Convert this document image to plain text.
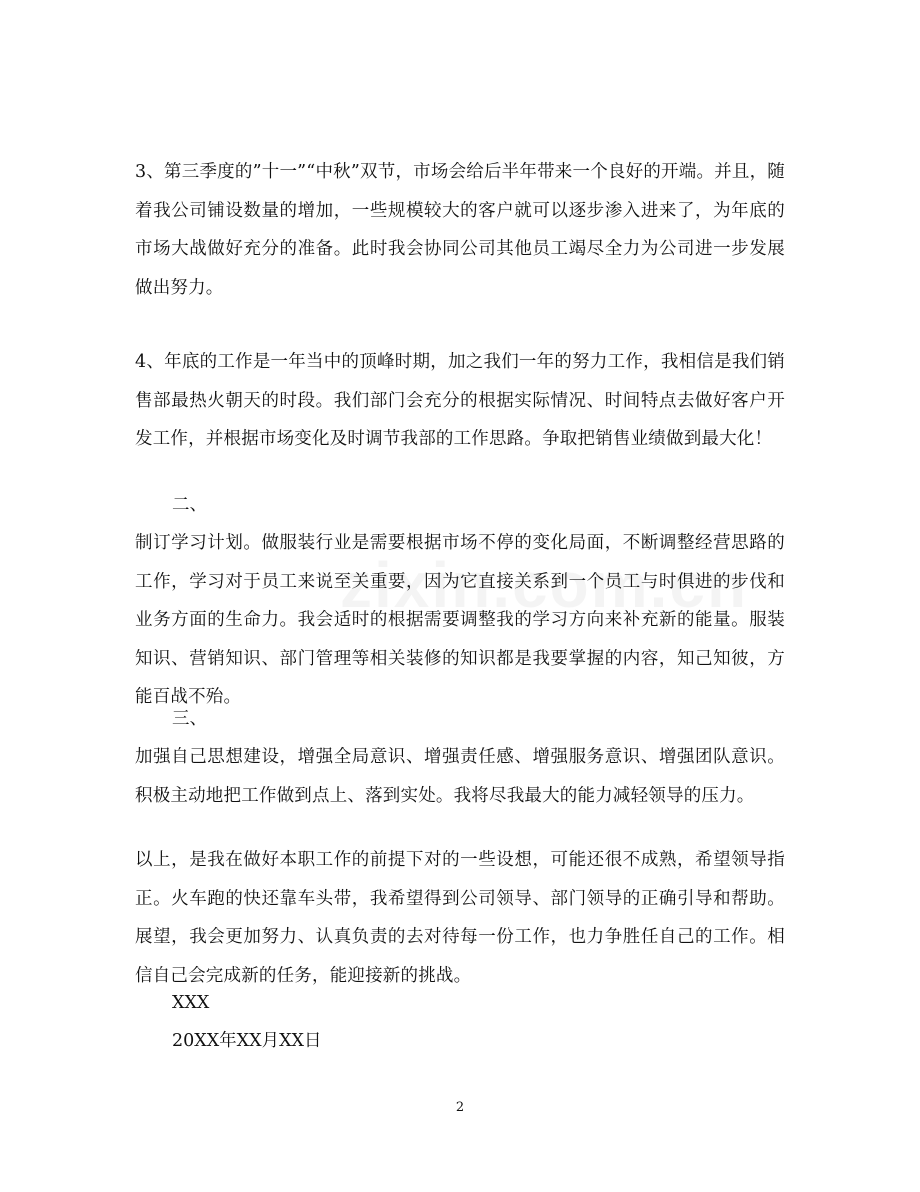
3、第三季度的”十一”“中秋”双节，市场会给后半年带来一个良好的开端。并且，随着我公司铺设数量的增加，一些规模较大的客户就可以逐步渗入进来了，为年底的市场大战做好充分的准备。此时我会协同公司其他员工竭尽全力为公司进一步发展做出努力。

4、年底的工作是一年当中的顶峰时期，加之我们一年的努力工作，我相信是我们销售部最热火朝天的时段。我们部门会充分的根据实际情况、时间特点去做好客户开发工作，并根据市场变化及时调节我部的工作思路。争取把销售业绩做到最大化！

二、

制订学习计划。做服装行业是需要根据市场不停的变化局面，不断调整经营思路的工作，学习对于员工来说至关重要，因为它直接关系到一个员工与时俱进的步伐和业务方面的生命力。我会适时的根据需要调整我的学习方向来补充新的能量。服装知识、营销知识、部门管理等相关装修的知识都是我要掌握的内容，知己知彼，方能百战不殆。

三、

加强自己思想建设，增强全局意识、增强责任感、增强服务意识、增强团队意识。积极主动地把工作做到点上、落到实处。我将尽我最大的能力减轻领导的压力。

以上，是我在做好本职工作的前提下对的一些设想，可能还很不成熟，希望领导指正。火车跑的快还靠车头带，我希望得到公司领导、部门领导的正确引导和帮助。展望，我会更加努力、认真负责的去对待每一份工作，也力争胜任自己的工作。相信自己会完成新的任务，能迎接新的挑战。

XXX

20XX年XX月XX日

2
